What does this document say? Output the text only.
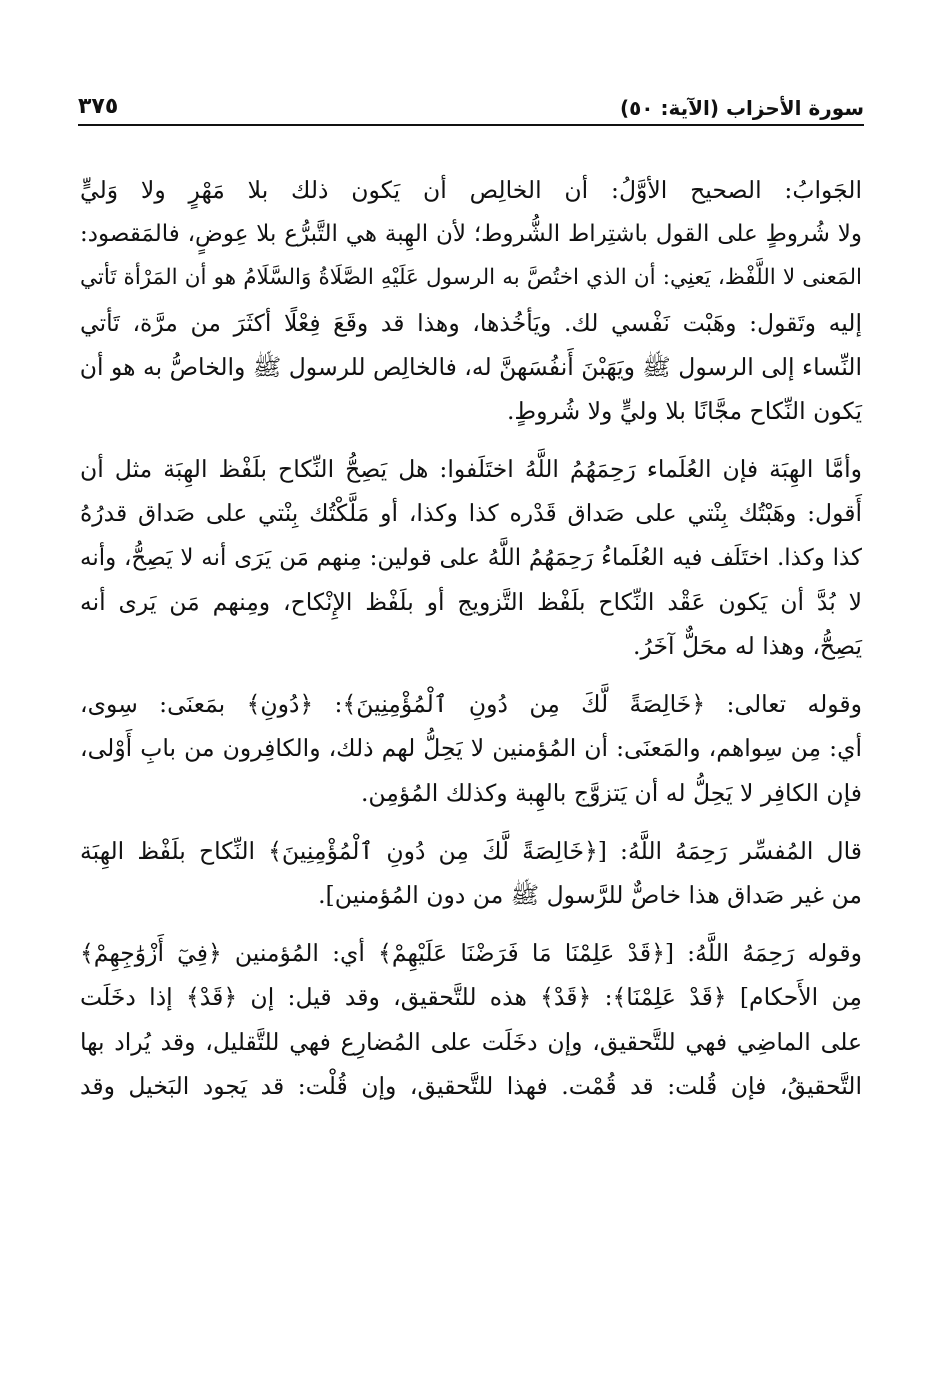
سورة الأحزاب (الآية: ٥٠)
٣٧٥
الجَوابُ: الصحيح الأوَّلُ: أن الخالِص أن يَكون ذلك بلا مَهْرٍ ولا وَليٍّ
ولا شُروطٍ على القول باشتِراط الشُّروط؛ لأن الهِبة هي التَّبرُّع بلا عِوضٍ، فالمَقصود:
المَعنى لا اللَّفْظ، يَعنِي: أن الذي اختُصَّ به الرسول عَلَيْهِ الصَّلَاةُ وَالسَّلَامُ هو أن المَرْأة تَأتي
إليه وتَقول: وهَبْت نَفْسي لك. ويَأخُذها، وهذا قد وقَعَ فِعْلًا أكثَرَ من مرَّة، تَأتي
النِّساء إلى الرسول ﷺ ويَهَبْنَ أَنفُسَهنَّ له، فالخالِص للرسول ﷺ والخاصُّ به هو أن
يَكون النِّكاح مجَّانًا بلا وليٍّ ولا شُروطٍ.
وأمَّا الهِبَة فإن العُلَماء رَحِمَهُمُ اللَّهُ اختَلَفوا: هل يَصِحُّ النِّكاح بلَفْظ الهِبَة مثل أن
أَقول: وهَبْتُك بِنْتي على صَداق قَدْره كذا وكذا، أو مَلَّكْتُك بِنْتي على صَداق قدرُهُ
كذا وكذا. اختَلَف فيه العُلَماءُ رَحِمَهُمُ اللَّهُ على قولين: مِنهم مَن يَرَى أنه لا يَصِحُّ، وأنه
لا بُدَّ أن يَكون عَقْد النِّكاح بلَفْظ التَّزويج أو بلَفْظ الإِنْكاح، ومِنهم مَن يَرى أنه
يَصِحُّ، وهذا له محَلٌّ آخَرُ.
وقوله تعالى: ﴿خَالِصَةً لَّكَ مِن دُونِ ٱلْمُؤْمِنِينَ﴾: ﴿دُونِ﴾ بمَعنَى: سِوى،
أي: مِن سِواهم، والمَعنَى: أن المُؤمنين لا يَحِلُّ لهم ذلك، والكافِرون من بابِ أَوْلى،
فإن الكافِر لا يَحِلُّ له أن يَتزوَّج بالهِبة وكذلك المُؤمِن.
قال المُفسِّر رَحِمَهُ اللَّهُ: [﴿خَالِصَةً لَّكَ مِن دُونِ ٱلْمُؤْمِنِينَ﴾ النِّكاح بلَفْظ الهِبَة
من غير صَداق هذا خاصٌّ للرَّسول ﷺ من دون المُؤمنين].
وقوله رَحِمَهُ اللَّهُ: [﴿قَدْ عَلِمْنَا مَا فَرَضْنَا عَلَيْهِمْ﴾ أي: المُؤمنين ﴿فِيٓ أَزْوَٰجِهِمْ﴾
مِن الأَحكام] ﴿قَدْ عَلِمْنَا﴾: ﴿قَدْ﴾ هذه للتَّحقيق، وقد قيل: إن ﴿قَدْ﴾ إذا دخَلَت
على الماضِي فهي للتَّحقيق، وإن دخَلَت على المُضارِع فهي للتَّقليل، وقد يُراد بها
التَّحقيقُ، فإن قُلت: قد قُمْت. فهذا للتَّحقيق، وإن قُلْت: قد يَجود البَخيل وقد
